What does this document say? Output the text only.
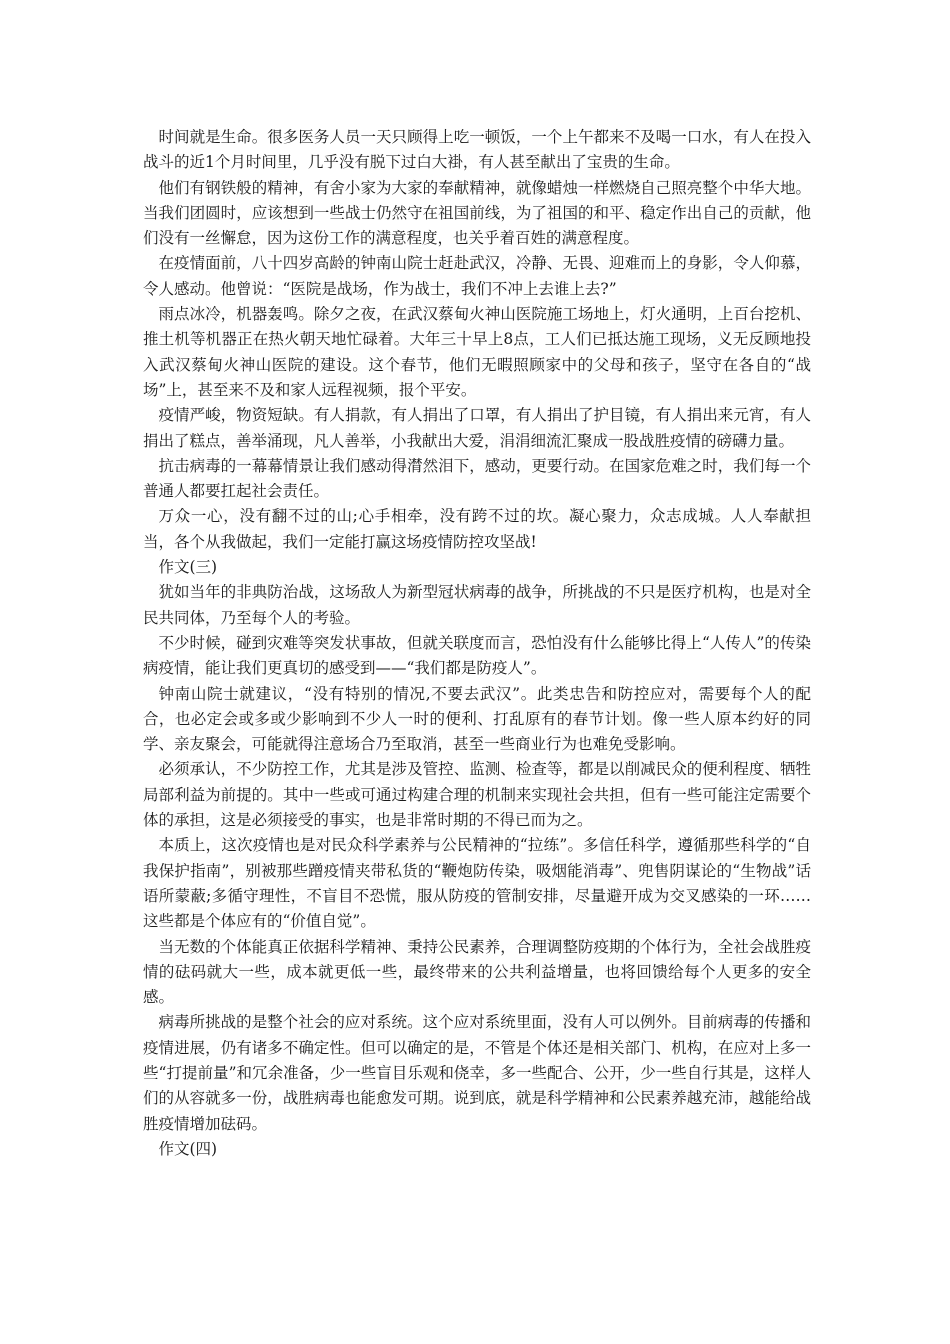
时间就是生命。很多医务人员一天只顾得上吃一顿饭，一个上午都来不及喝一口水，有人在投入战斗的近1个月时间里，几乎没有脱下过白大褂，有人甚至献出了宝贵的生命。

他们有钢铁般的精神，有舍小家为大家的奉献精神，就像蜡烛一样燃烧自己照亮整个中华大地。当我们团圆时，应该想到一些战士仍然守在祖国前线，为了祖国的和平、稳定作出自己的贡献，他们没有一丝懈怠，因为这份工作的满意程度，也关乎着百姓的满意程度。

在疫情面前，八十四岁高龄的钟南山院士赶赴武汉，冷静、无畏、迎难而上的身影，令人仰慕，令人感动。他曾说：“医院是战场，作为战士，我们不冲上去谁上去?”

雨点冰冷，机器轰鸣。除夕之夜，在武汉蔡甸火神山医院施工场地上，灯火通明，上百台挖机、推土机等机器正在热火朝天地忙碌着。大年三十早上8点，工人们已抵达施工现场，义无反顾地投入武汉蔡甸火神山医院的建设。这个春节，他们无暇照顾家中的父母和孩子，坚守在各自的“战场”上，甚至来不及和家人远程视频，报个平安。

疫情严峻，物资短缺。有人捐款，有人捐出了口罩，有人捐出了护目镜，有人捐出来元宵，有人捐出了糕点，善举涌现，凡人善举，小我献出大爱，涓涓细流汇聚成一股战胜疫情的磅礴力量。

抗击病毒的一幕幕情景让我们感动得潸然泪下，感动，更要行动。在国家危难之时，我们每一个普通人都要扛起社会责任。

万众一心，没有翻不过的山;心手相牵，没有跨不过的坎。凝心聚力，众志成城。人人奉献担当，各个从我做起，我们一定能打赢这场疫情防控攻坚战!

作文(三)

犹如当年的非典防治战，这场敌人为新型冠状病毒的战争，所挑战的不只是医疗机构，也是对全民共同体，乃至每个人的考验。

不少时候，碰到灾难等突发状事故，但就关联度而言，恐怕没有什么能够比得上“人传人”的传染病疫情，能让我们更真切的感受到——“我们都是防疫人”。

钟南山院士就建议，“没有特别的情况,不要去武汉”。此类忠告和防控应对，需要每个人的配合，也必定会或多或少影响到不少人一时的便利、打乱原有的春节计划。像一些人原本约好的同学、亲友聚会，可能就得注意场合乃至取消，甚至一些商业行为也难免受影响。

必须承认，不少防控工作，尤其是涉及管控、监测、检查等，都是以削减民众的便利程度、牺牲局部利益为前提的。其中一些或可通过构建合理的机制来实现社会共担，但有一些可能注定需要个体的承担，这是必须接受的事实，也是非常时期的不得已而为之。

本质上，这次疫情也是对民众科学素养与公民精神的“拉练”。多信任科学，遵循那些科学的“自我保护指南”，别被那些蹭疫情夹带私货的“鞭炮防传染，吸烟能消毒”、兜售阴谋论的“生物战”话语所蒙蔽;多循守理性，不盲目不恐慌，服从防疫的管制安排，尽量避开成为交叉感染的一环……这些都是个体应有的“价值自觉”。

当无数的个体能真正依据科学精神、秉持公民素养，合理调整防疫期的个体行为，全社会战胜疫情的砝码就大一些，成本就更低一些，最终带来的公共利益增量，也将回馈给每个人更多的安全感。

病毒所挑战的是整个社会的应对系统。这个应对系统里面，没有人可以例外。目前病毒的传播和疫情进展，仍有诸多不确定性。但可以确定的是，不管是个体还是相关部门、机构，在应对上多一些“打提前量”和冗余准备，少一些盲目乐观和侥幸，多一些配合、公开，少一些自行其是，这样人们的从容就多一份，战胜病毒也能愈发可期。说到底，就是科学精神和公民素养越充沛，越能给战胜疫情增加砝码。

作文(四)
